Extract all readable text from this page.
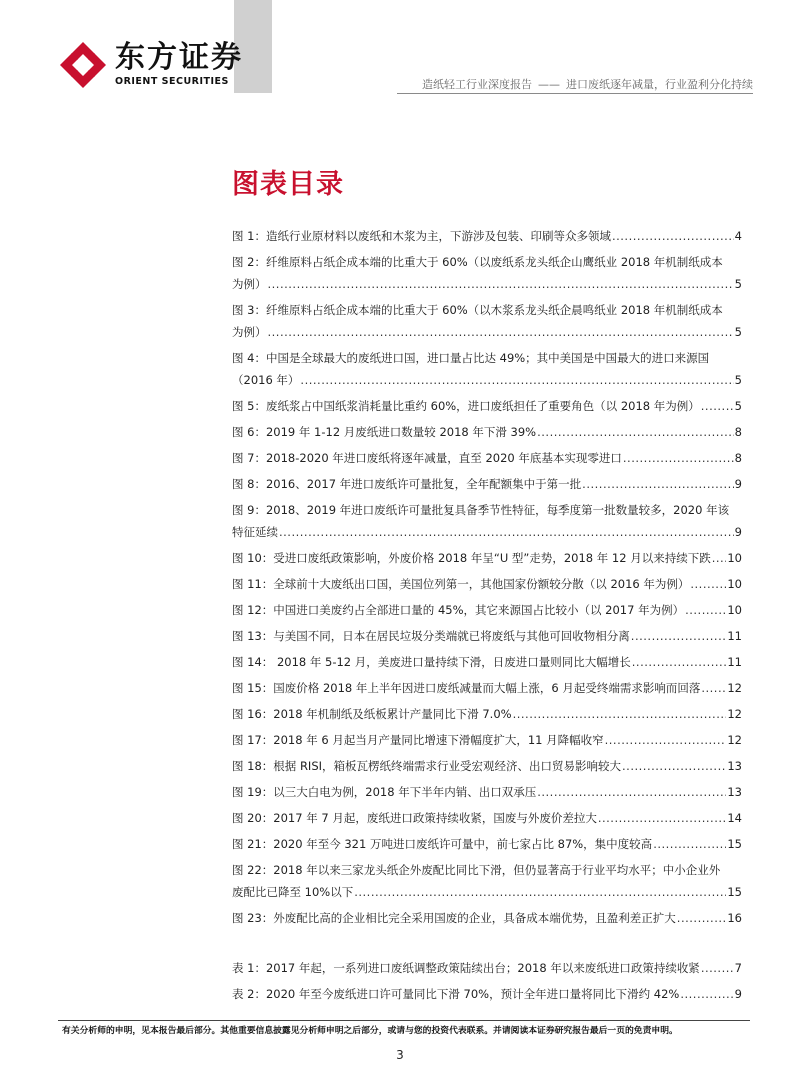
东方证券
ORIENT SECURITIES	造纸轻工行业深度报告 —— 进口废纸逐年减量，行业盈利分化持续
图表目录
图 1：造纸行业原材料以废纸和木浆为主，下游涉及包装、印刷等众多领域 .....	4
图 2：纤维原料占纸企成本端的比重大于 60%（以废纸系龙头纸企山鹰纸业 2018 年机制纸成本
为例） .....	5
图 3：纤维原料占纸企成本端的比重大于 60%（以木浆系龙头纸企晨鸣纸业 2018 年机制纸成本
为例） .....	5
图 4：中国是全球最大的废纸进口国，进口量占比达 49%；其中美国是中国最大的进口来源国
（2016 年） .....	5
图 5：废纸浆占中国纸浆消耗量比重约 60%，进口废纸担任了重要角色（以 2018 年为例） .....	5
图 6：2019 年 1-12 月废纸进口数量较 2018 年下滑 39% .....	8
图 7：2018-2020 年进口废纸将逐年减量，直至 2020 年底基本实现零进口 .....	8
图 8：2016、2017 年进口废纸许可量批复，全年配额集中于第一批 .....	9
图 9：2018、2019 年进口废纸许可量批复具备季节性特征，每季度第一批数量较多，2020 年该
特征延续 .....	9
图 10：受进口废纸政策影响，外废价格 2018 年呈“U 型”走势，2018 年 12 月以来持续下跌 ..... 10
图 11：全球前十大废纸出口国，美国位列第一，其他国家份额较分散（以 2016 年为例） .....	10
图 12：中国进口美废约占全部进口量的 45%，其它来源国占比较小（以 2017 年为例） .....	10
图 13：与美国不同，日本在居民垃圾分类端就已将废纸与其他可回收物相分离 .....	11
图 14： 2018 年 5-12 月，美废进口量持续下滑，日废进口量则同比大幅增长 .....	11
图 15：国废价格 2018 年上半年因进口废纸减量而大幅上涨，6 月起受终端需求影响而回落 ..... 12
图 16：2018 年机制纸及纸板累计产量同比下滑 7.0% .....	12
图 17：2018 年 6 月起当月产量同比增速下滑幅度扩大，11 月降幅收窄 .....	12
图 18：根据 RISI，箱板瓦楞纸终端需求行业受宏观经济、出口贸易影响较大 .....	13
图 19：以三大白电为例，2018 年下半年内销、出口双承压 .....	13
图 20：2017 年 7 月起，废纸进口政策持续收紧，国废与外废价差拉大 .....	14
图 21：2020 年至今 321 万吨进口废纸许可量中，前七家占比 87%，集中度较高 .....	15
图 22：2018 年以来三家龙头纸企外废配比同比下滑，但仍显著高于行业平均水平；中小企业外
废配比已降至 10%以下 .....	15
图 23：外废配比高的企业相比完全采用国废的企业，具备成本端优势，且盈利差正扩大 .....	16
表 1：2017 年起，一系列进口废纸调整政策陆续出台；2018 年以来废纸进口政策持续收紧 .....	7
表 2：2020 年至今废纸进口许可量同比下滑 70%，预计全年进口量将同比下滑约 42% .....	9
有关分析师的申明，见本报告最后部分。其他重要信息披露见分析师申明之后部分，或请与您的投资代表联系。并请阅读本证券研究报告最后一页的免责申明。
3
